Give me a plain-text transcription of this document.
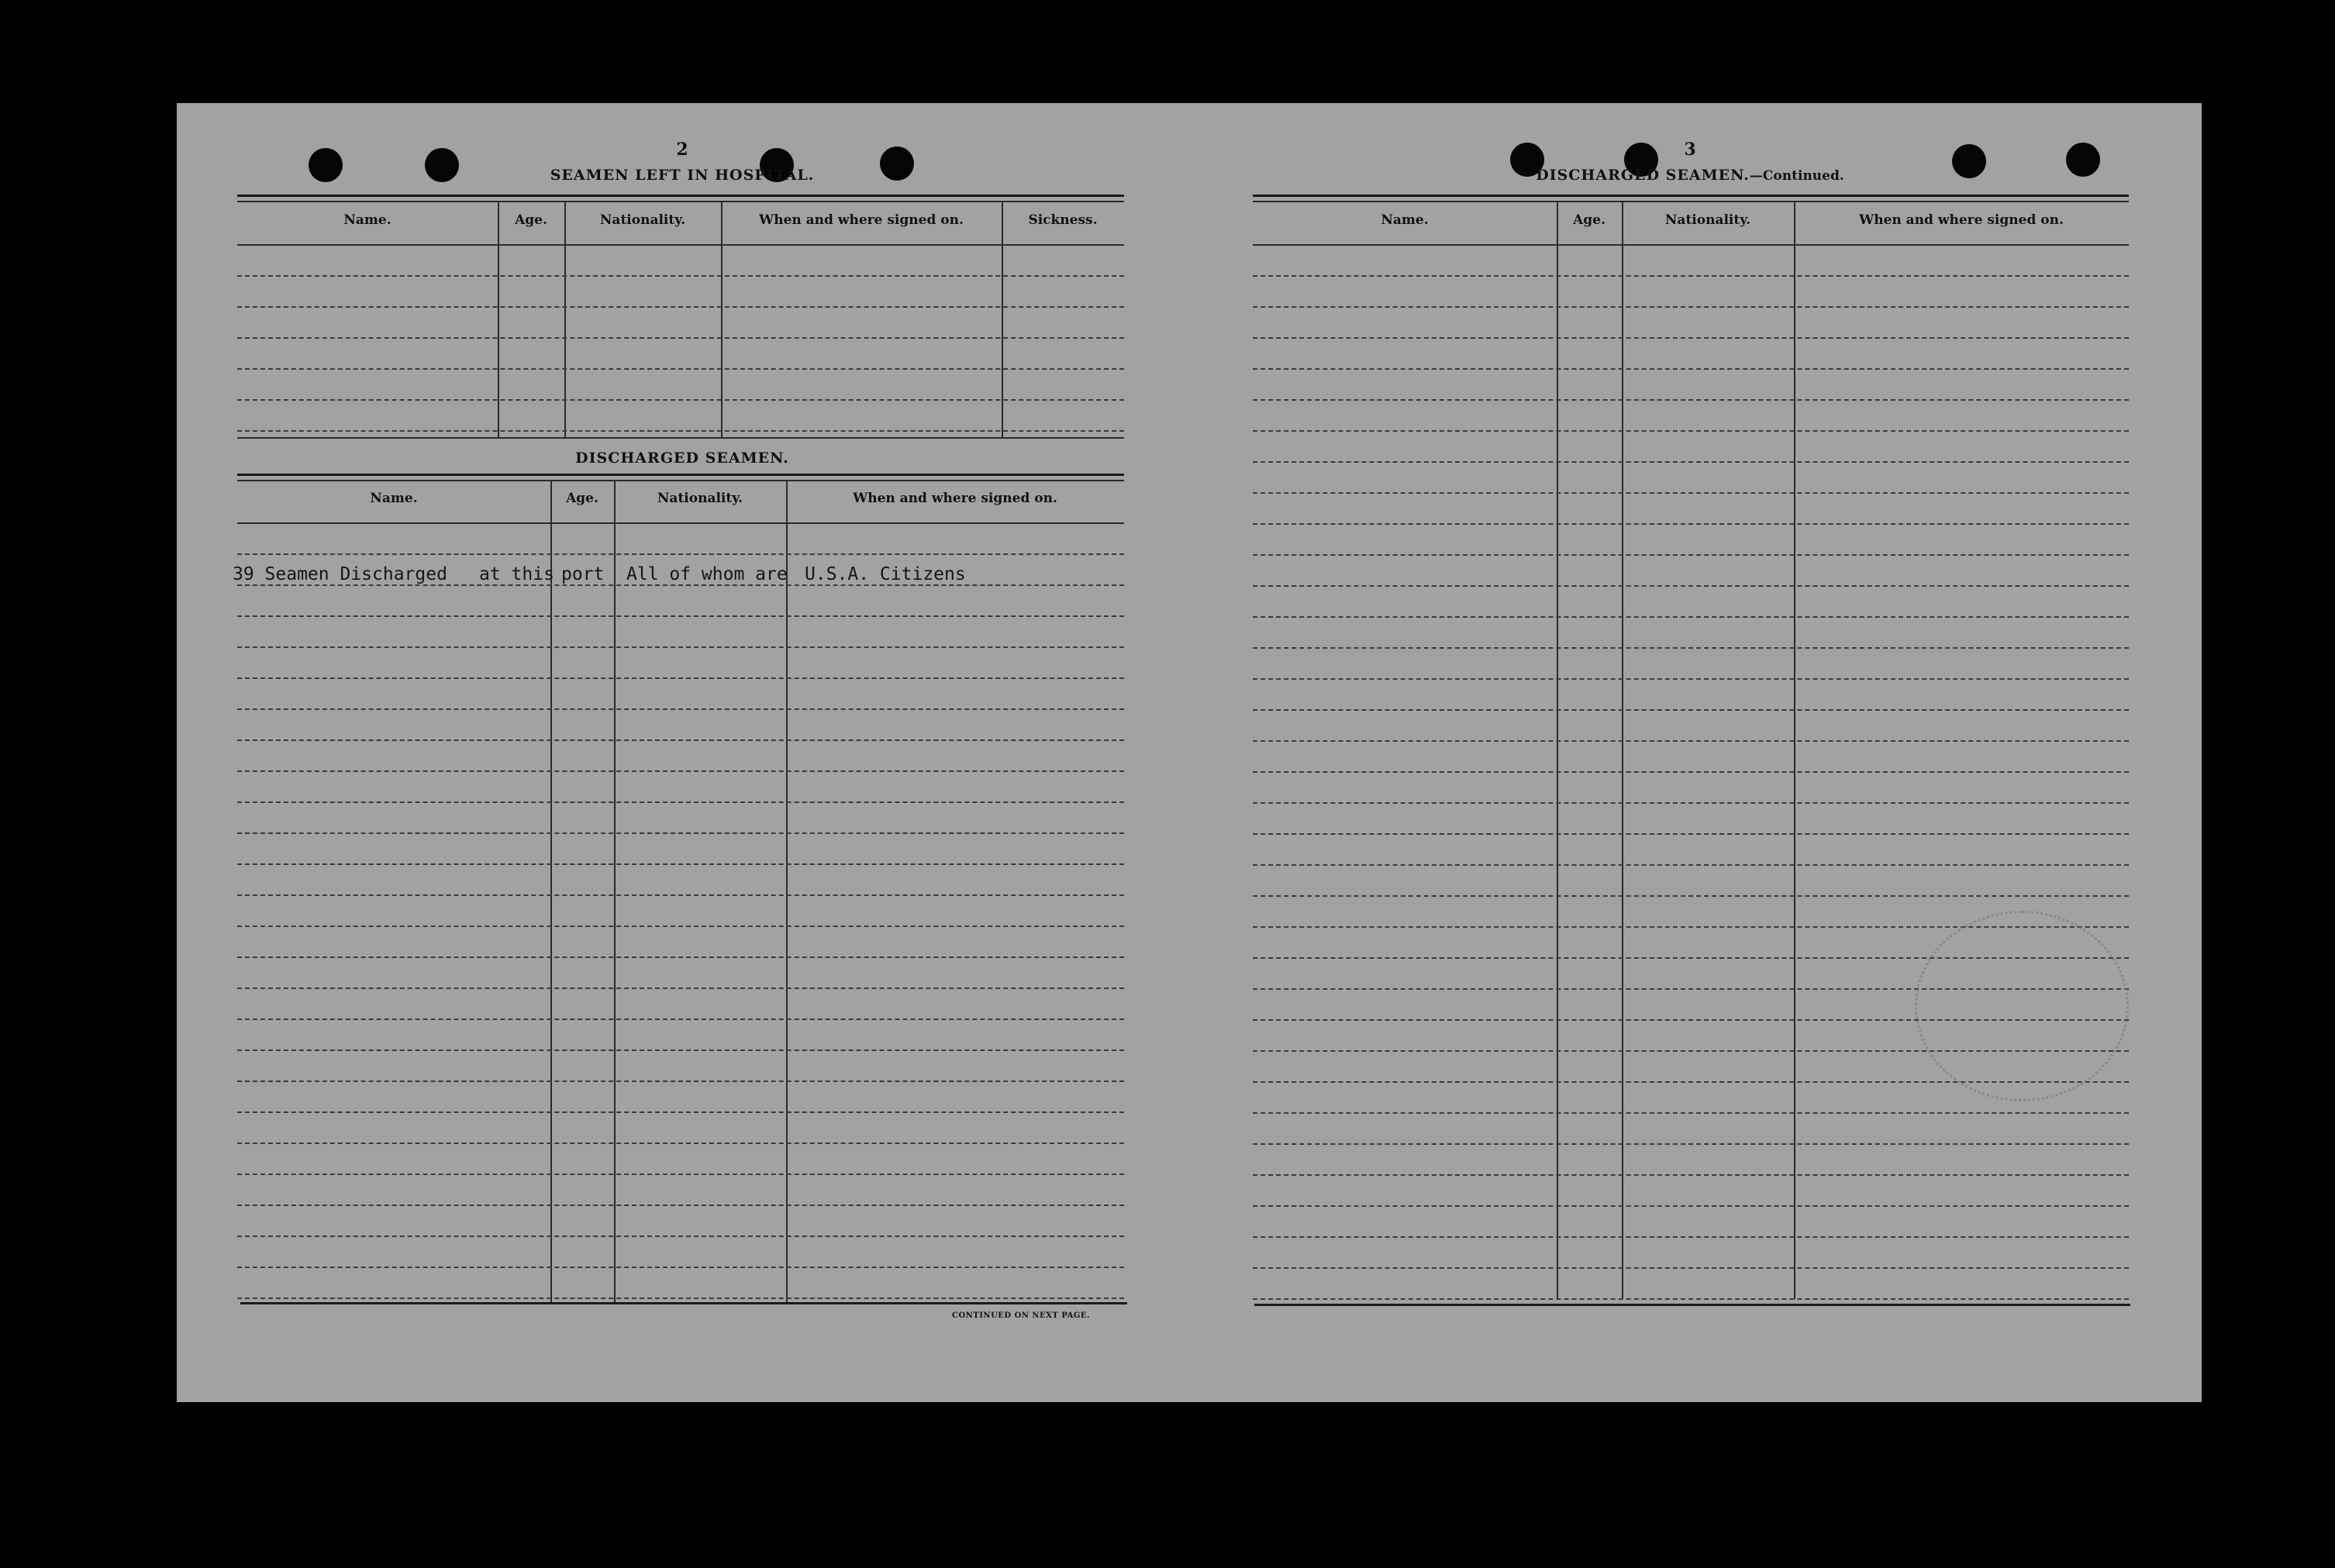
2
SEAMEN LEFT IN HOSPITAL.
Name.	Age.	Nationality.	When and where signed on.	Sickness.
DISCHARGED SEAMEN.
Name.	Age.	Nationality.	When and where signed on.
39 Seamen Discharged at this port All of whom are U.S.A. Citizens
CONTINUED ON NEXT PAGE.
3
DISCHARGED SEAMEN.—Continued.
Name.	Age.	Nationality.	When and where signed on.
